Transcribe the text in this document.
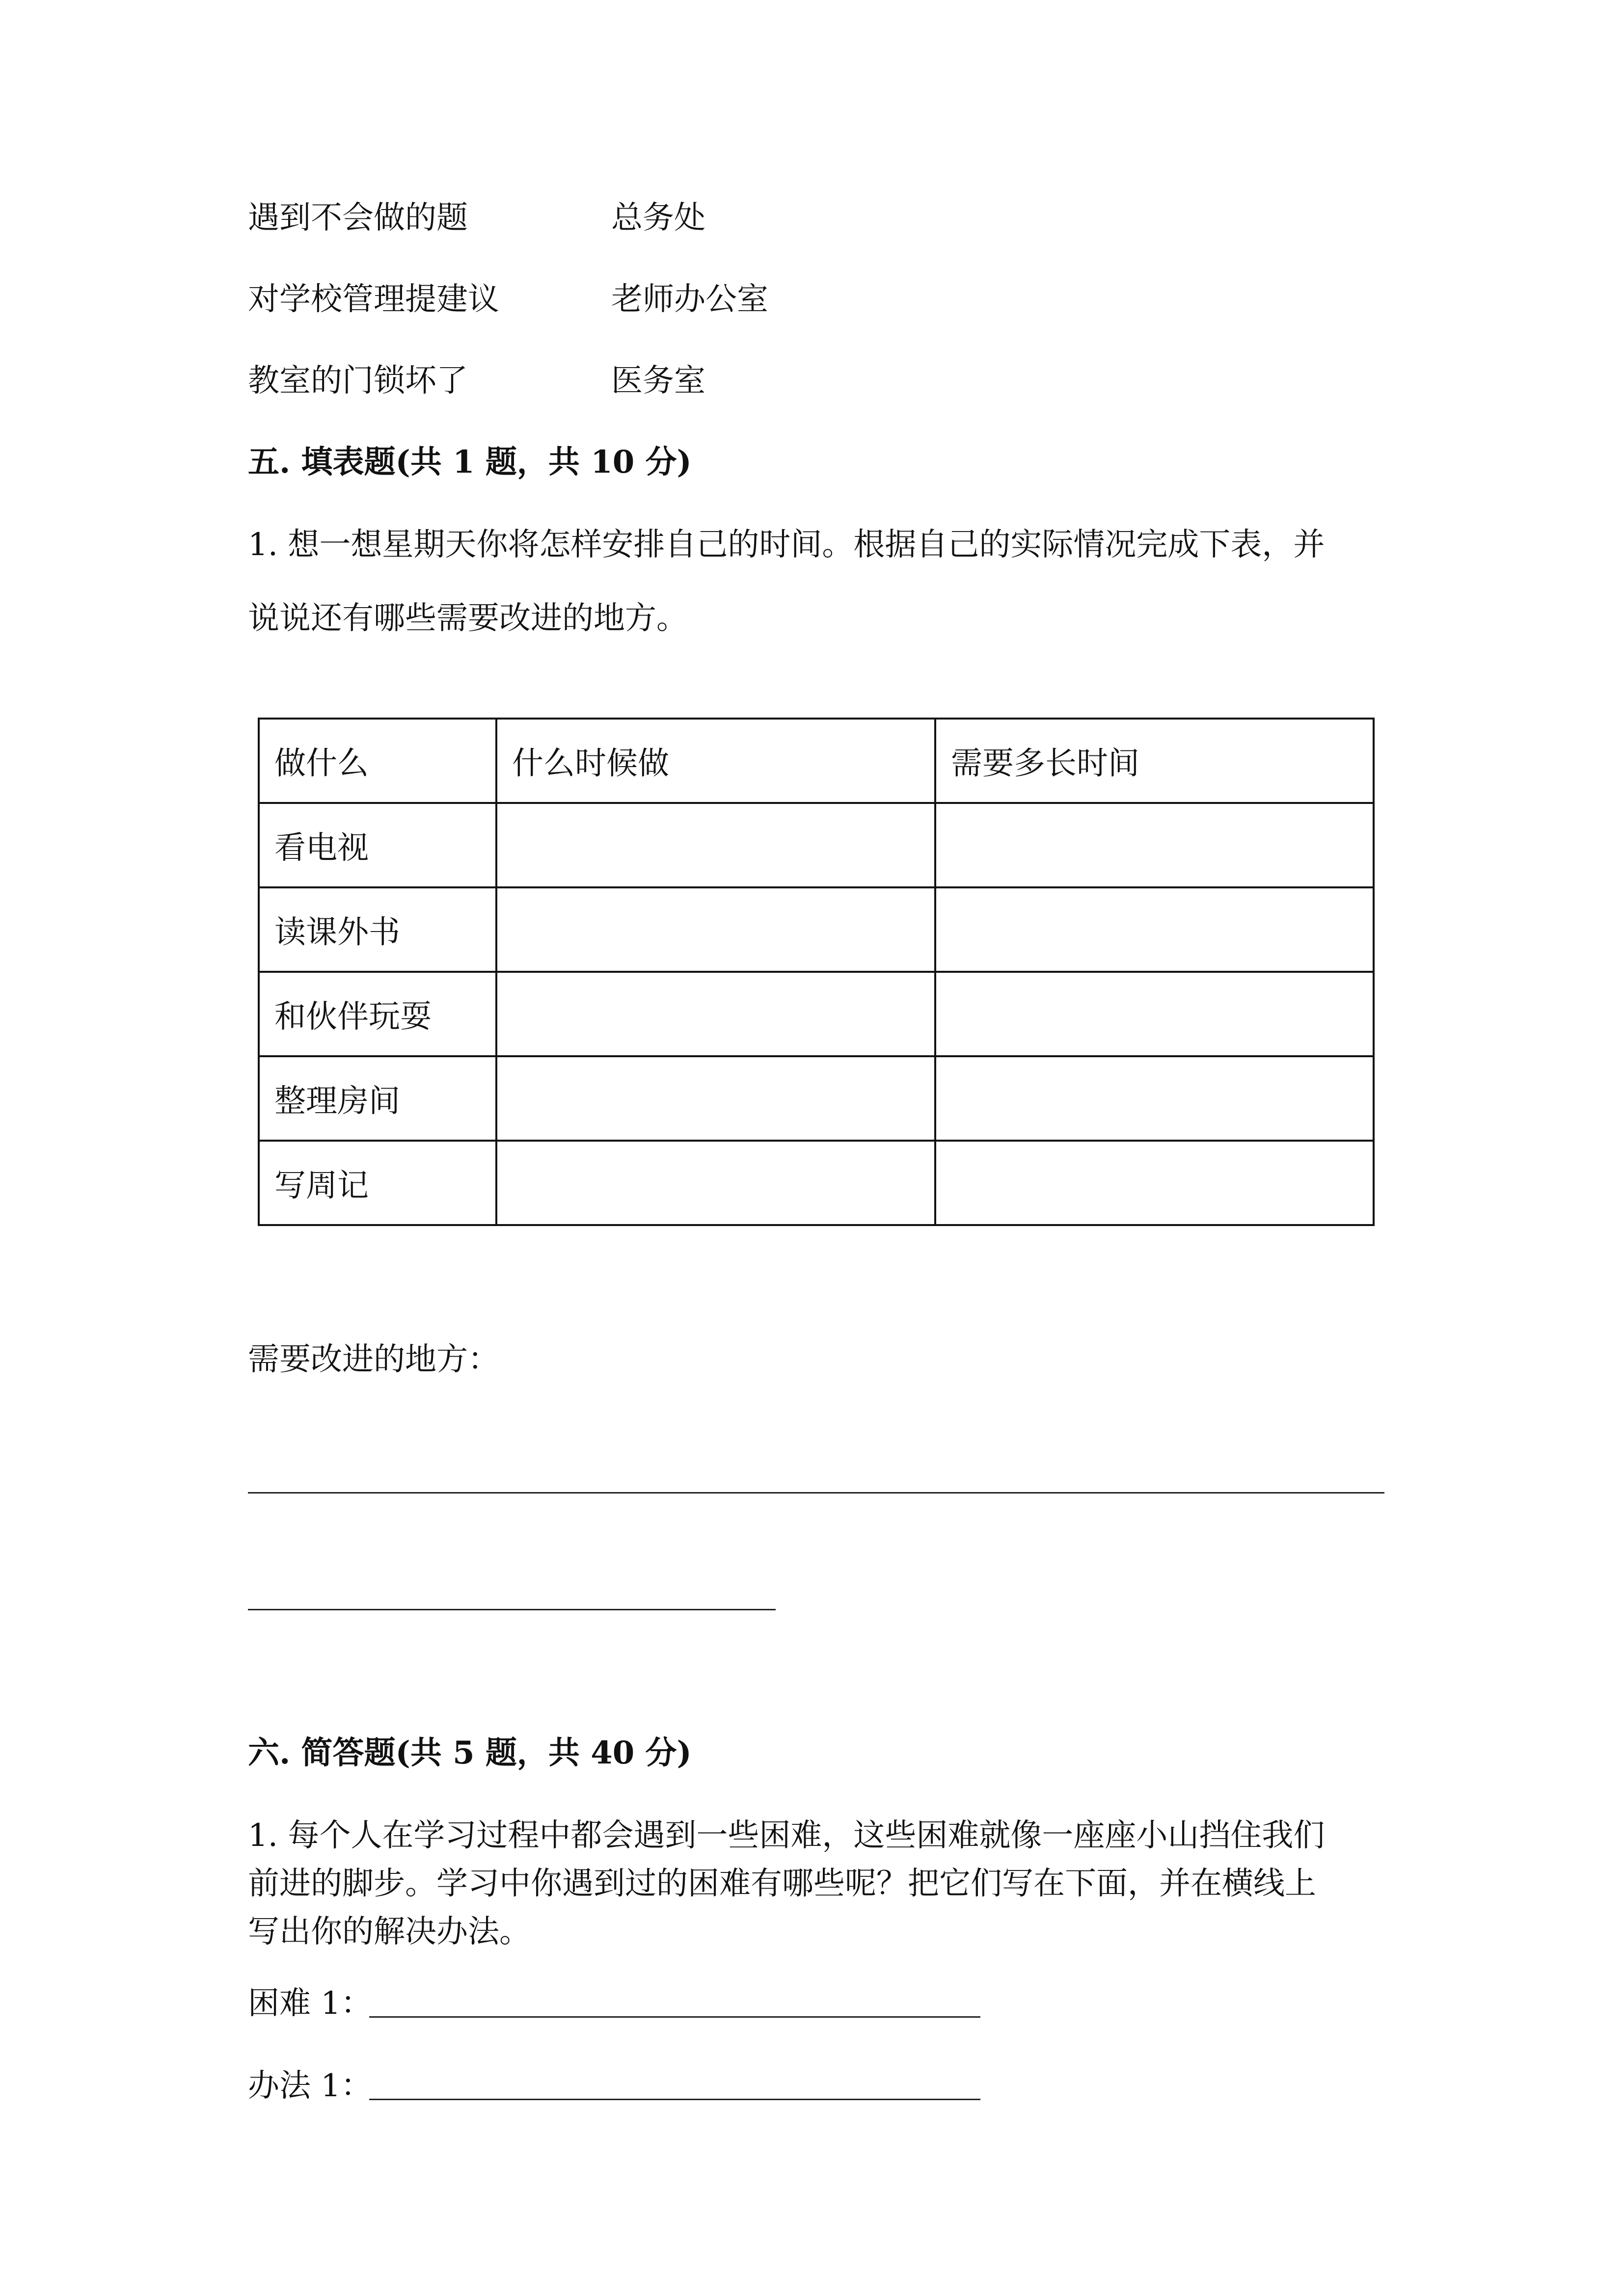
遇到不会做的题	总务处
对学校管理提建议	老师办公室
教室的门锁坏了	医务室
五. 填表题(共 1 题，共 10 分)
1. 想一想星期天你将怎样安排自己的时间。根据自己的实际情况完成下表，并
说说还有哪些需要改进的地方。
做什么	什么时候做	需要多长时间
看电视		
读课外书		
和伙伴玩耍		
整理房间		
写周记		
需要改进的地方：
六. 简答题(共 5 题，共 40 分)
1. 每个人在学习过程中都会遇到一些困难，这些困难就像一座座小山挡住我们
前进的脚步。学习中你遇到过的困难有哪些呢？把它们写在下面，并在横线上
写出你的解决办法。
困难 1：
办法 1：
